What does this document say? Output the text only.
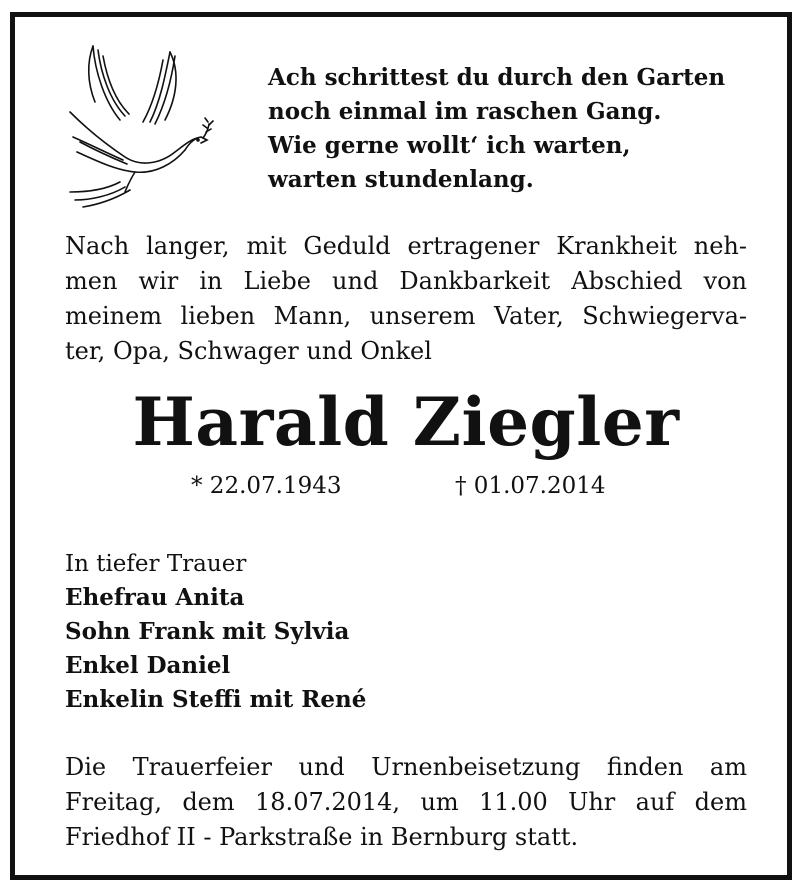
Ach schrittest du durch den Garten
noch einmal im raschen Gang.
Wie gerne wollt‘ ich warten,
warten stundenlang.
Nach langer, mit Geduld ertragener Krankheit neh-
men wir in Liebe und Dankbarkeit Abschied von
meinem lieben Mann, unserem Vater, Schwiegerva-
ter, Opa, Schwager und Onkel
Harald Ziegler
* 22.07.1943	† 01.07.2014
In tiefer Trauer
Ehefrau Anita
Sohn Frank mit Sylvia
Enkel Daniel
Enkelin Steffi mit René
Die Trauerfeier und Urnenbeisetzung finden am
Freitag, dem 18.07.2014, um 11.00 Uhr auf dem
Friedhof II - Parkstraße in Bernburg statt.
